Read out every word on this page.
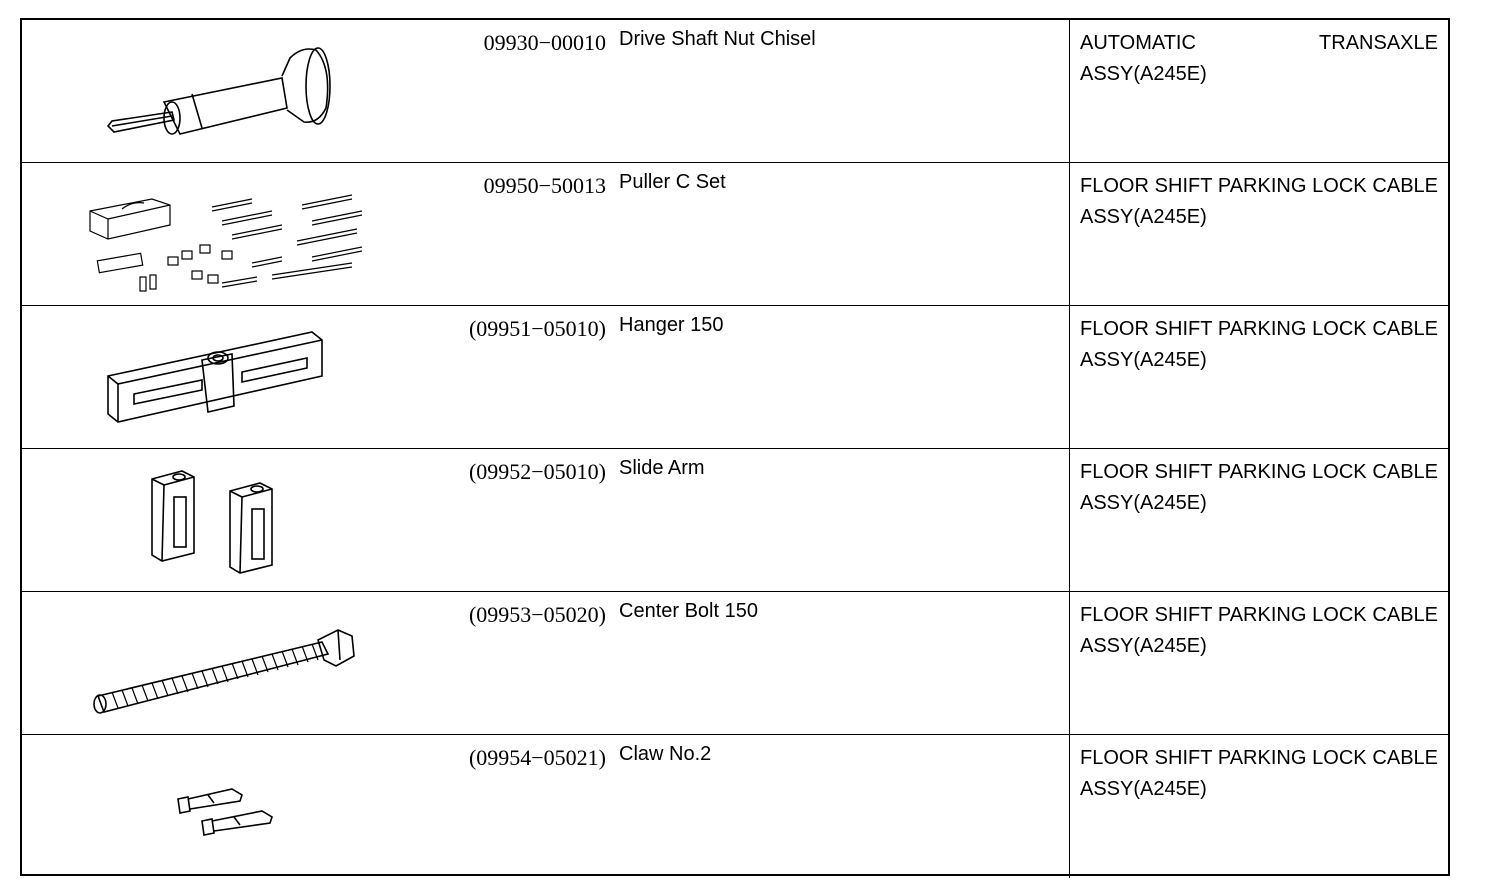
09930−00010 Drive Shaft Nut Chisel	AUTOMATIC TRANSAXLE ASSY(A245E)
09950−50013 Puller C Set	FLOOR SHIFT PARKING LOCK CABLE ASSY(A245E)
(09951−05010) Hanger 150	FLOOR SHIFT PARKING LOCK CABLE ASSY(A245E)
(09952−05010) Slide Arm	FLOOR SHIFT PARKING LOCK CABLE ASSY(A245E)
(09953−05020) Center Bolt 150	FLOOR SHIFT PARKING LOCK CABLE ASSY(A245E)
(09954−05021) Claw No.2	FLOOR SHIFT PARKING LOCK CABLE ASSY(A245E)
